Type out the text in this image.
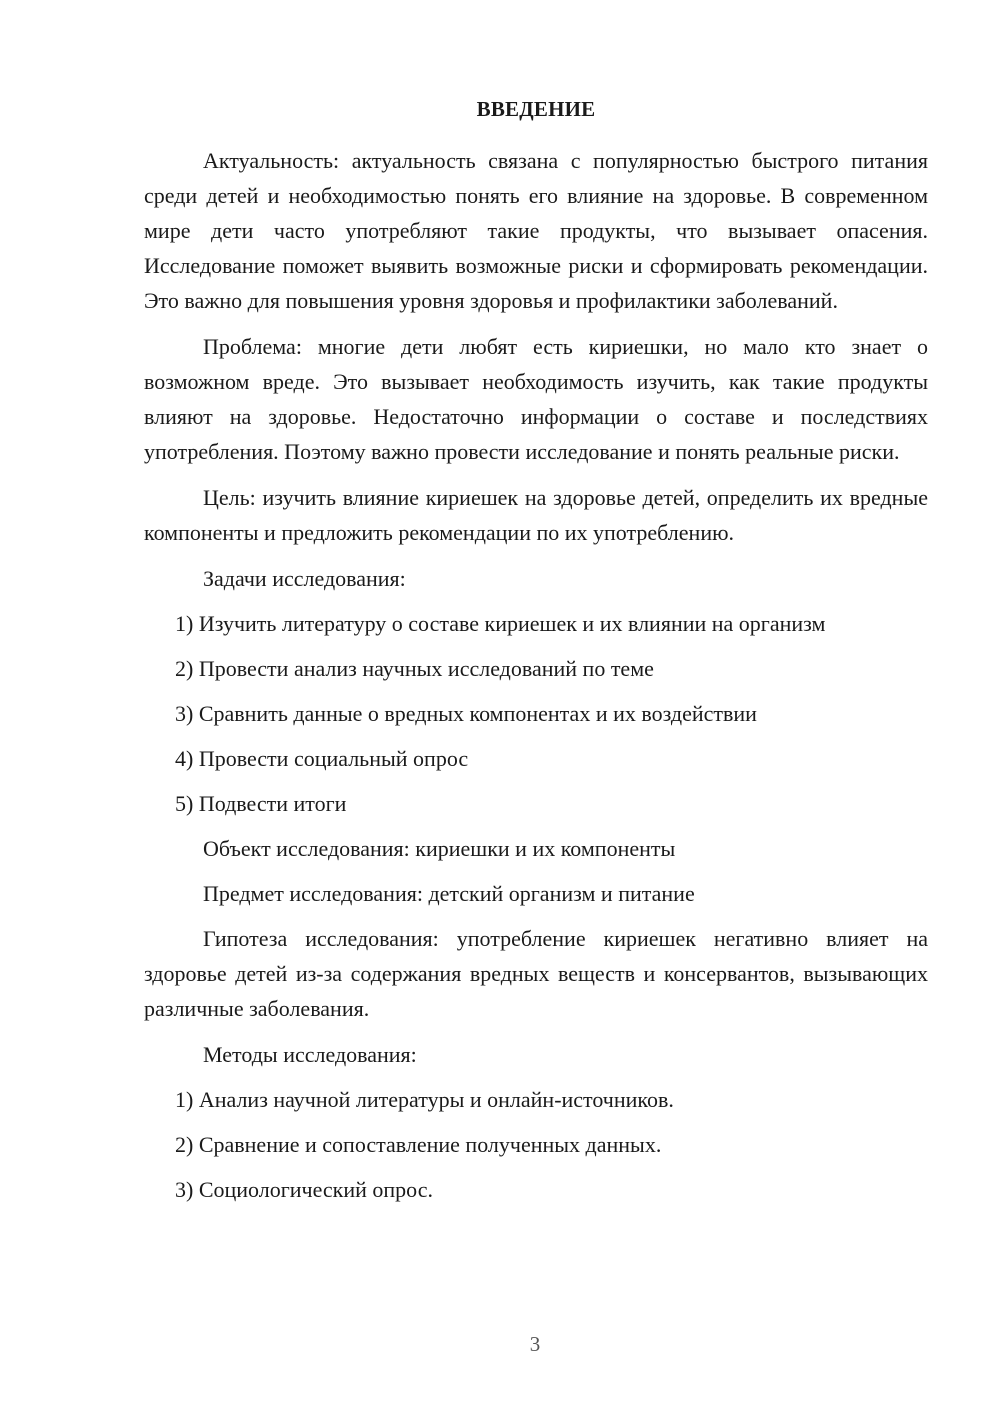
ВВЕДЕНИЕ

Актуальность: актуальность связана с популярностью быстрого питания среди детей и необходимостью понять его влияние на здоровье. В современном мире дети часто употребляют такие продукты, что вызывает опасения. Исследование поможет выявить возможные риски и сформировать рекомендации. Это важно для повышения уровня здоровья и профилактики заболеваний.

Проблема: многие дети любят есть кириешки, но мало кто знает о возможном вреде. Это вызывает необходимость изучить, как такие продукты влияют на здоровье. Недостаточно информации о составе и последствиях употребления. Поэтому важно провести исследование и понять реальные риски.

Цель: изучить влияние кириешек на здоровье детей, определить их вредные компоненты и предложить рекомендации по их употреблению.

Задачи исследования:
1) Изучить литературу о составе кириешек и их влиянии на организм
2) Провести анализ научных исследований по теме
3) Сравнить данные о вредных компонентах и их воздействии
4) Провести социальный опрос
5) Подвести итоги
Объект исследования: кириешки и их компоненты
Предмет исследования: детский организм и питание

Гипотеза исследования: употребление кириешек негативно влияет на здоровье детей из-за содержания вредных веществ и консервантов, вызывающих различные заболевания.

Методы исследования:
1) Анализ научной литературы и онлайн-источников.
2) Сравнение и сопоставление полученных данных.
3) Социологический опрос.
3
